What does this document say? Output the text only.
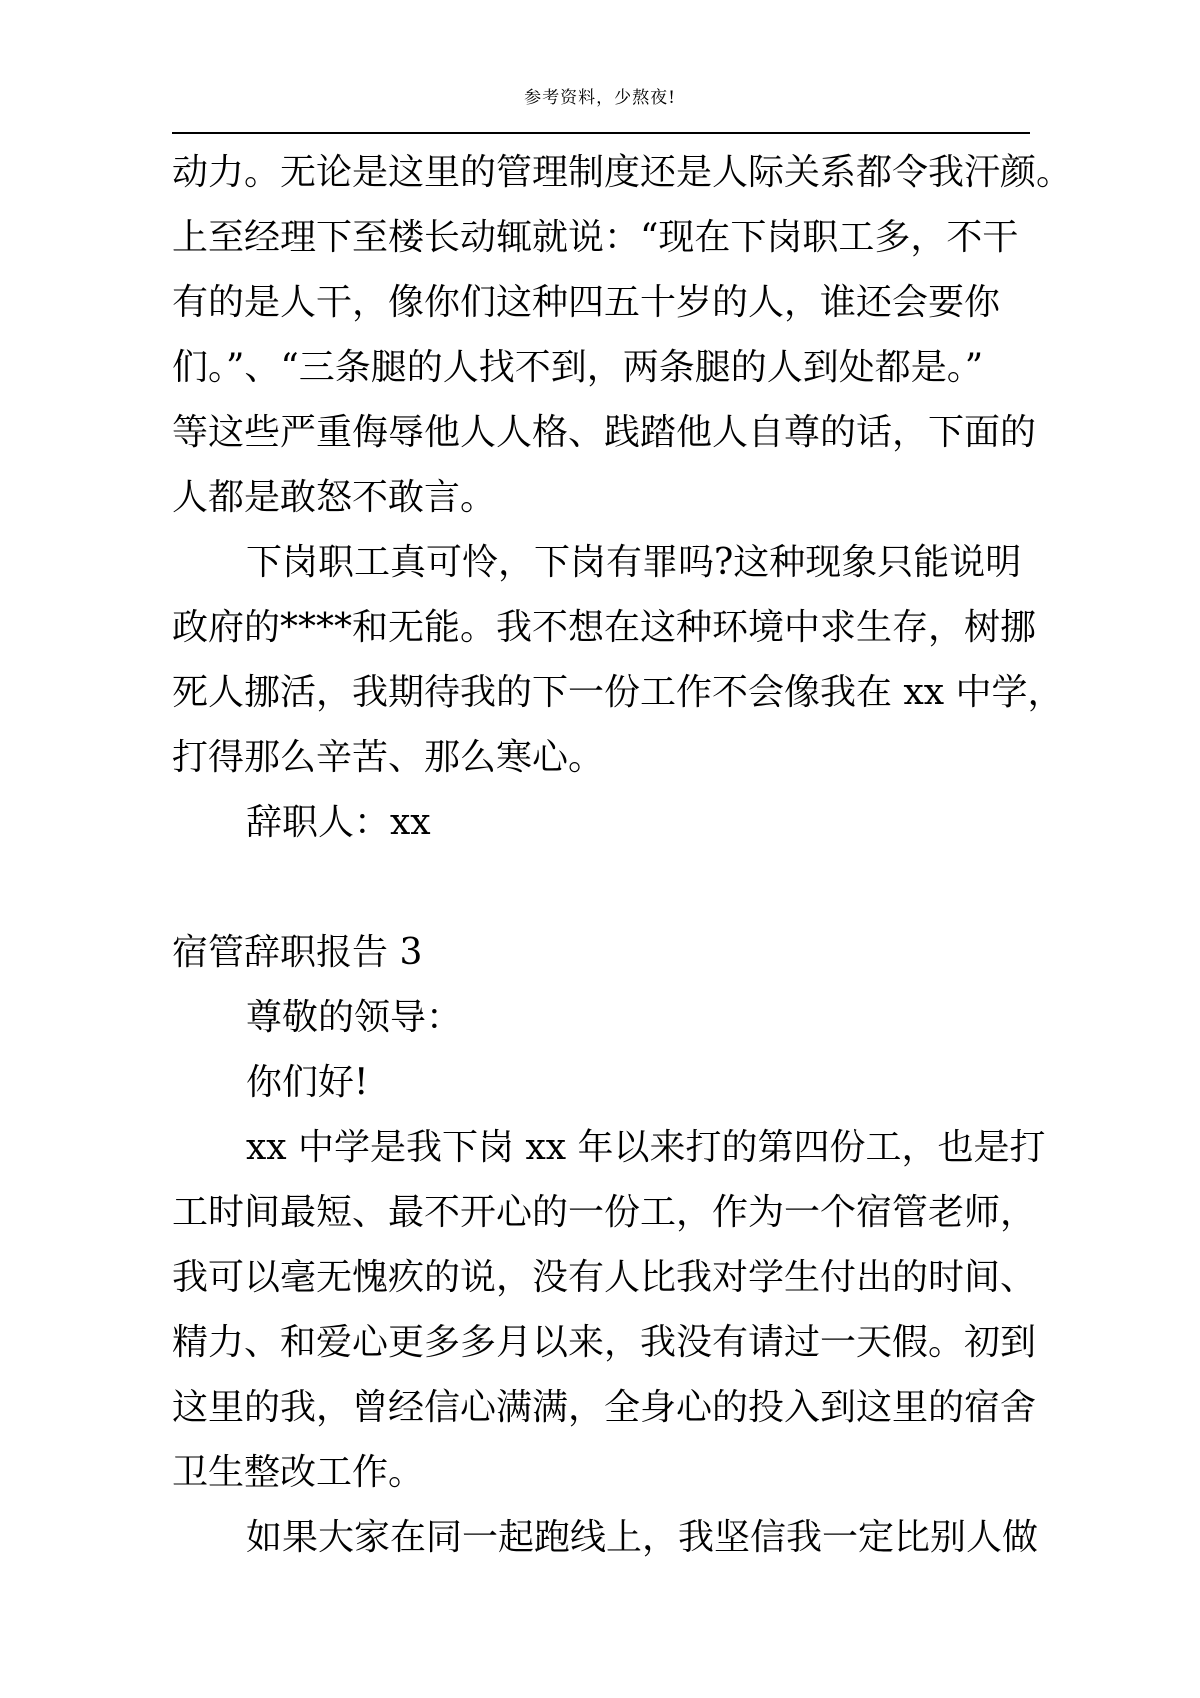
参考资料，少熬夜!
动力。无论是这里的管理制度还是人际关系都令我汗颜。
上至经理下至楼长动辄就说：“现在下岗职工多，不干
有的是人干，像你们这种四五十岁的人，谁还会要你
们。”、“三条腿的人找不到，两条腿的人到处都是。”
等这些严重侮辱他人人格、践踏他人自尊的话，下面的
人都是敢怒不敢言。
下岗职工真可怜，下岗有罪吗?这种现象只能说明
政府的****和无能。我不想在这种环境中求生存，树挪
死人挪活，我期待我的下一份工作不会像我在 xx 中学，
打得那么辛苦、那么寒心。
辞职人：xx
宿管辞职报告 3
尊敬的领导：
你们好!
xx 中学是我下岗 xx 年以来打的第四份工，也是打
工时间最短、最不开心的一份工，作为一个宿管老师，
我可以毫无愧疚的说，没有人比我对学生付出的时间、
精力、和爱心更多多月以来，我没有请过一天假。初到
这里的我，曾经信心满满，全身心的投入到这里的宿舍
卫生整改工作。
如果大家在同一起跑线上，我坚信我一定比别人做
